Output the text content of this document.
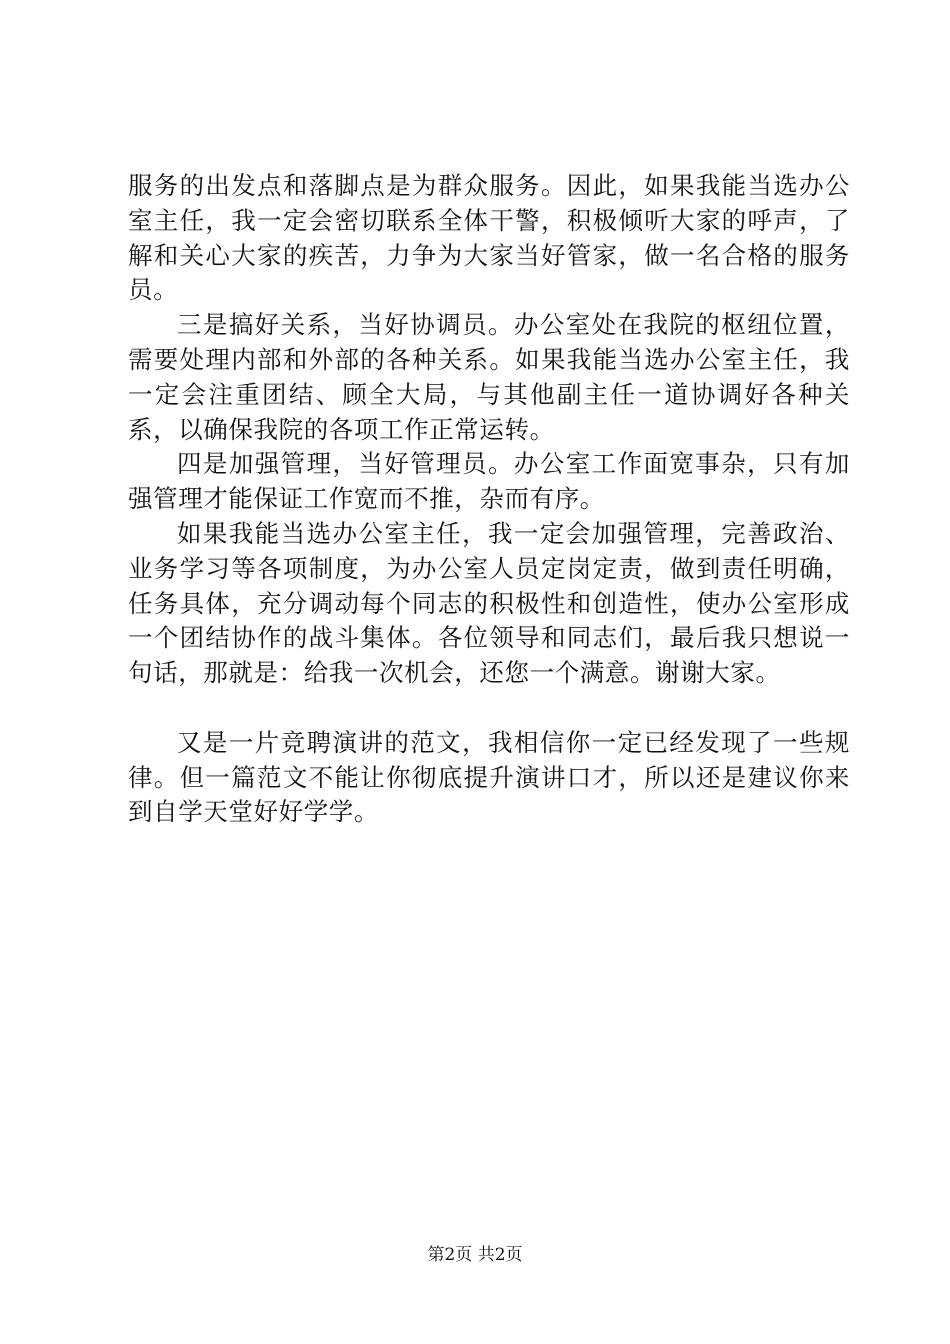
服务的出发点和落脚点是为群众服务。因此，如果我能当选办公室主任，我一定会密切联系全体干警，积极倾听大家的呼声，了解和关心大家的疾苦，力争为大家当好管家，做一名合格的服务员。

三是搞好关系，当好协调员。办公室处在我院的枢纽位置，需要处理内部和外部的各种关系。如果我能当选办公室主任，我一定会注重团结、顾全大局，与其他副主任一道协调好各种关系，以确保我院的各项工作正常运转。

四是加强管理，当好管理员。办公室工作面宽事杂，只有加强管理才能保证工作宽而不推，杂而有序。

如果我能当选办公室主任，我一定会加强管理，完善政治、业务学习等各项制度，为办公室人员定岗定责，做到责任明确，任务具体，充分调动每个同志的积极性和创造性，使办公室形成一个团结协作的战斗集体。各位领导和同志们，最后我只想说一句话，那就是：给我一次机会，还您一个满意。谢谢大家。

又是一片竞聘演讲的范文，我相信你一定已经发现了一些规律。但一篇范文不能让你彻底提升演讲口才，所以还是建议你来到自学天堂好好学学。

第2页 共2页
